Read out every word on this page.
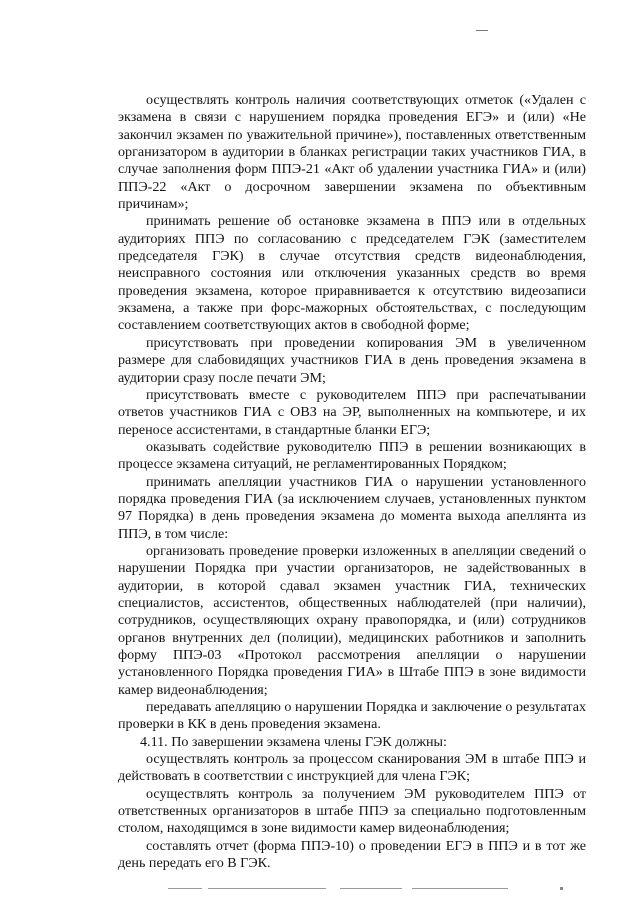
осуществлять контроль наличия соответствующих отметок («Удален с экзамена в связи с нарушением порядка проведения ЕГЭ» и (или) «Не закончил экзамен по уважительной причине»), поставленных ответственным организатором в аудитории в бланках регистрации таких участников ГИА, в случае заполнения форм ППЭ-21 «Акт об удалении участника ГИА» и (или) ППЭ-22 «Акт о досрочном завершении экзамена по объективным причинам»;

принимать решение об остановке экзамена в ППЭ или в отдельных аудиториях ППЭ по согласованию с председателем ГЭК (заместителем председателя ГЭК) в случае отсутствия средств видеонаблюдения, неисправного состояния или отключения указанных средств во время проведения экзамена, которое приравнивается к отсутствию видеозаписи экзамена, а также при форс-мажорных обстоятельствах, с последующим составлением соответствующих актов в свободной форме;

присутствовать при проведении копирования ЭМ в увеличенном размере для слабовидящих участников ГИА в день проведения экзамена в аудитории сразу после печати ЭМ;

присутствовать вместе с руководителем ППЭ при распечатывании ответов участников ГИА с ОВЗ на ЭР, выполненных на компьютере, и их переносе ассистентами, в стандартные бланки ЕГЭ;

оказывать содействие руководителю ППЭ в решении возникающих в процессе экзамена ситуаций, не регламентированных Порядком;

принимать апелляции участников ГИА о нарушении установленного порядка проведения ГИА (за исключением случаев, установленных пунктом 97 Порядка) в день проведения экзамена до момента выхода апеллянта из ППЭ, в том числе:

организовать проведение проверки изложенных в апелляции сведений о нарушении Порядка при участии организаторов, не задействованных в аудитории, в которой сдавал экзамен участник ГИА, технических специалистов, ассистентов, общественных наблюдателей (при наличии), сотрудников, осуществляющих охрану правопорядка, и (или) сотрудников органов внутренних дел (полиции), медицинских работников и заполнить форму ППЭ-03 «Протокол рассмотрения апелляции о нарушении установленного Порядка проведения ГИА» в Штабе ППЭ в зоне видимости камер видеонаблюдения;

передавать апелляцию о нарушении Порядка и заключение о результатах проверки в КК в день проведения экзамена.

4.11. По завершении экзамена члены ГЭК должны:

осуществлять контроль за процессом сканирования ЭМ в штабе ППЭ и действовать в соответствии с инструкцией для члена ГЭК;

осуществлять контроль за получением ЭМ руководителем ППЭ от ответственных организаторов в штабе ППЭ за специально подготовленным столом, находящимся в зоне видимости камер видеонаблюдения;

составлять отчет (форма ППЭ-10) о проведении ЕГЭ в ППЭ и в тот же день передать его В ГЭК.
